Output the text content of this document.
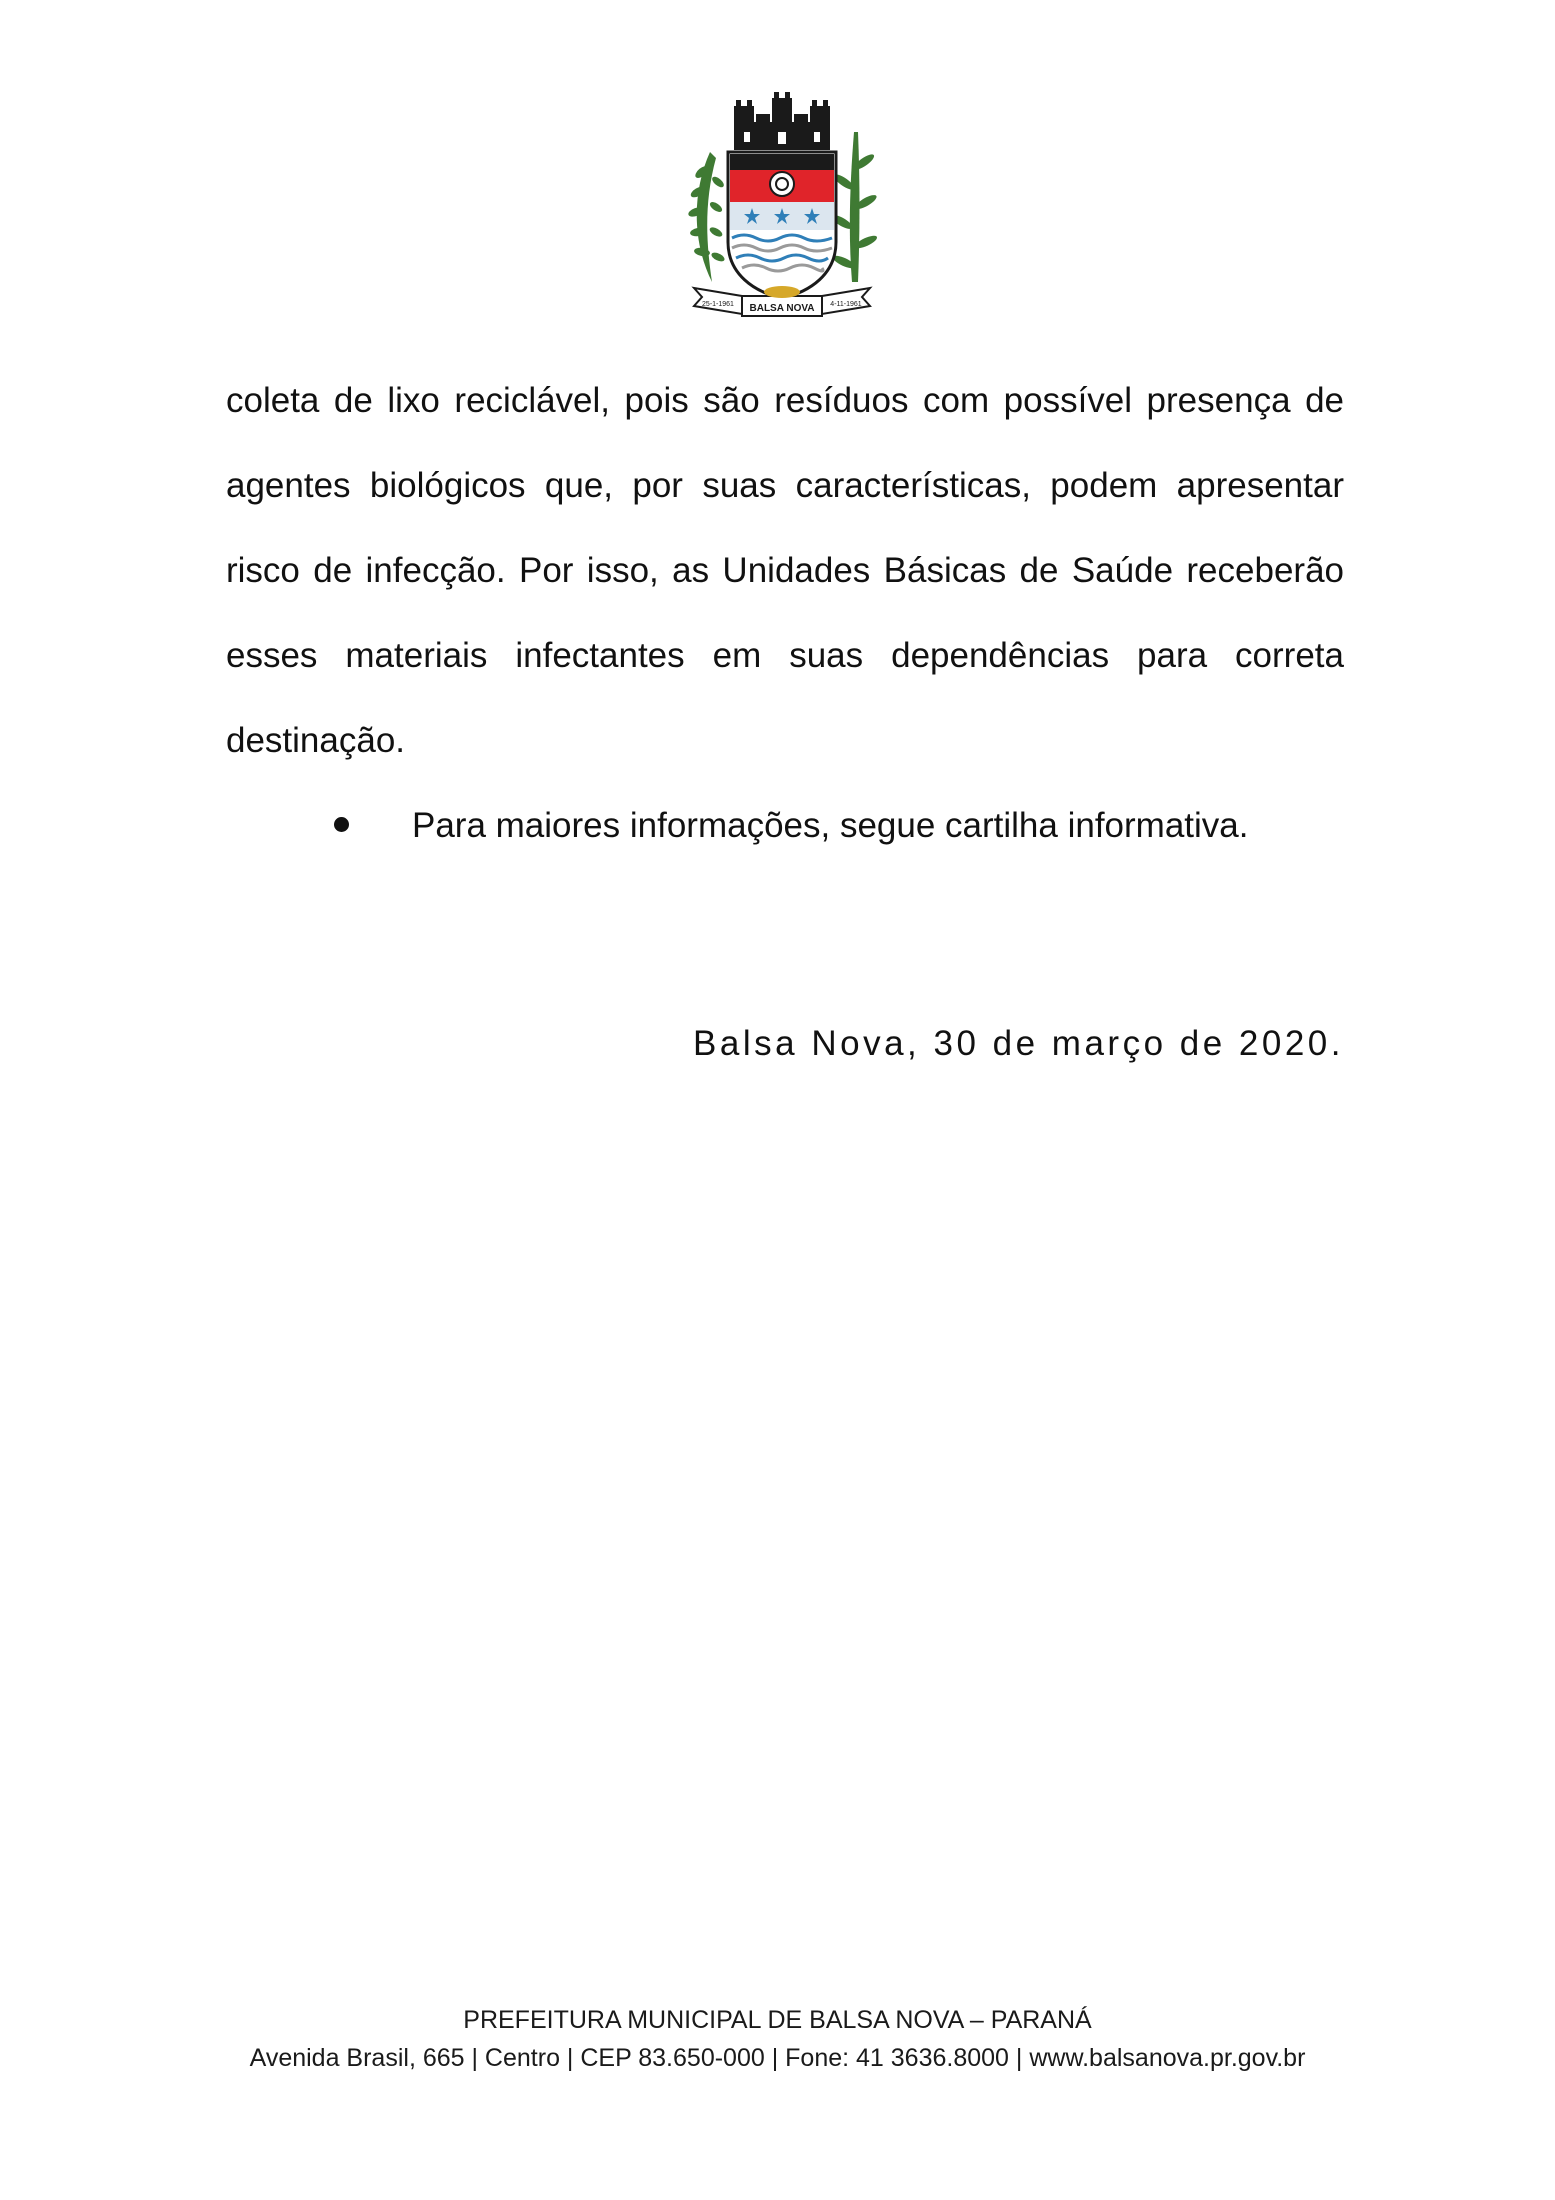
25-1-1961 BALSA NOVA 4-11-1961
coleta de lixo reciclável, pois são resíduos com possível presença de
agentes biológicos que, por suas características, podem apresentar
risco de infecção. Por isso, as Unidades Básicas de Saúde receberão
esses materiais infectantes em suas dependências para correta
destinação.
Para maiores informações, segue cartilha informativa.
Balsa Nova, 30 de março de 2020.
PREFEITURA MUNICIPAL DE BALSA NOVA – PARANÁ
Avenida Brasil, 665 | Centro | CEP 83.650-000 | Fone: 41 3636.8000 | www.balsanova.pr.gov.br
